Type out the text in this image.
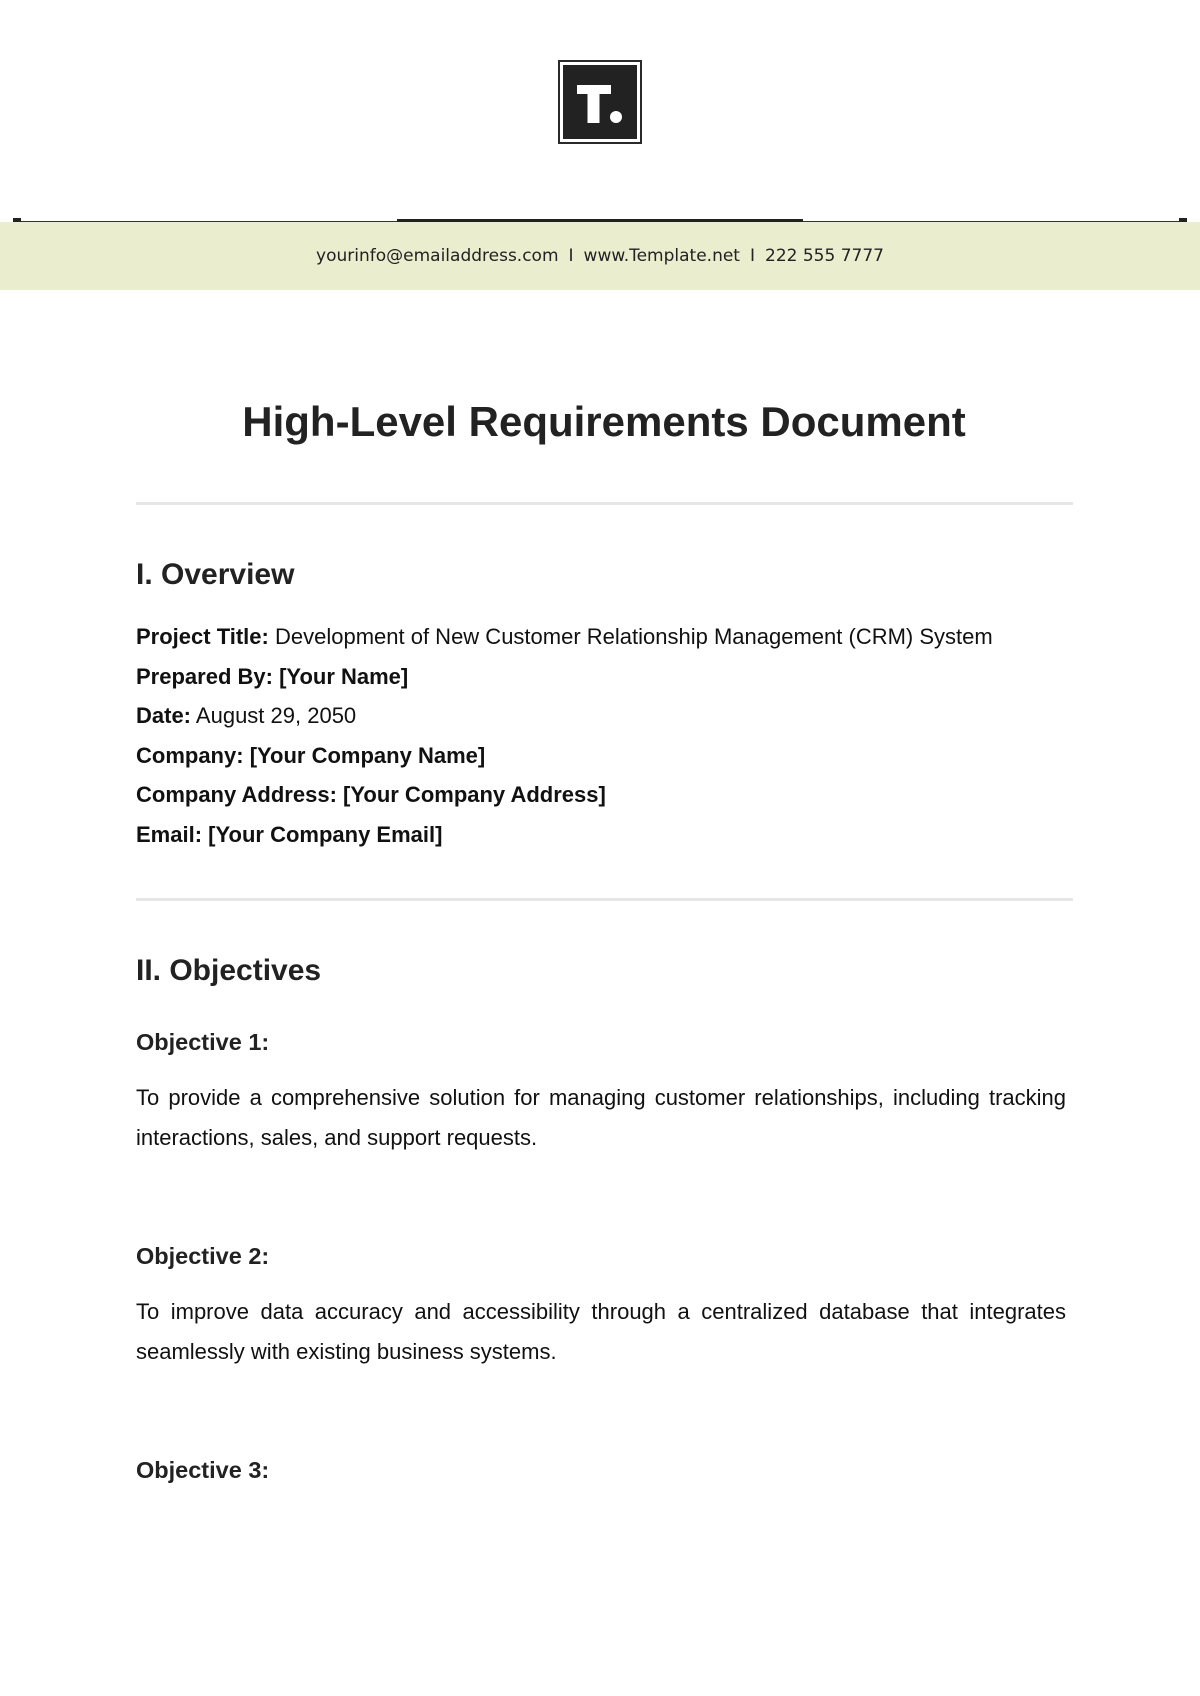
yourinfo@emailaddress.com I www.Template.net I 222 555 7777
High-Level Requirements Document
I. Overview
Project Title: Development of New Customer Relationship Management (CRM) System
Prepared By: [Your Name]
Date: August 29, 2050
Company: [Your Company Name]
Company Address: [Your Company Address]
Email: [Your Company Email]
II. Objectives
Objective 1:

To provide a comprehensive solution for managing customer relationships, including tracking interactions, sales, and support requests.

Objective 2:

To improve data accuracy and accessibility through a centralized database that integrates seamlessly with existing business systems.

Objective 3:
